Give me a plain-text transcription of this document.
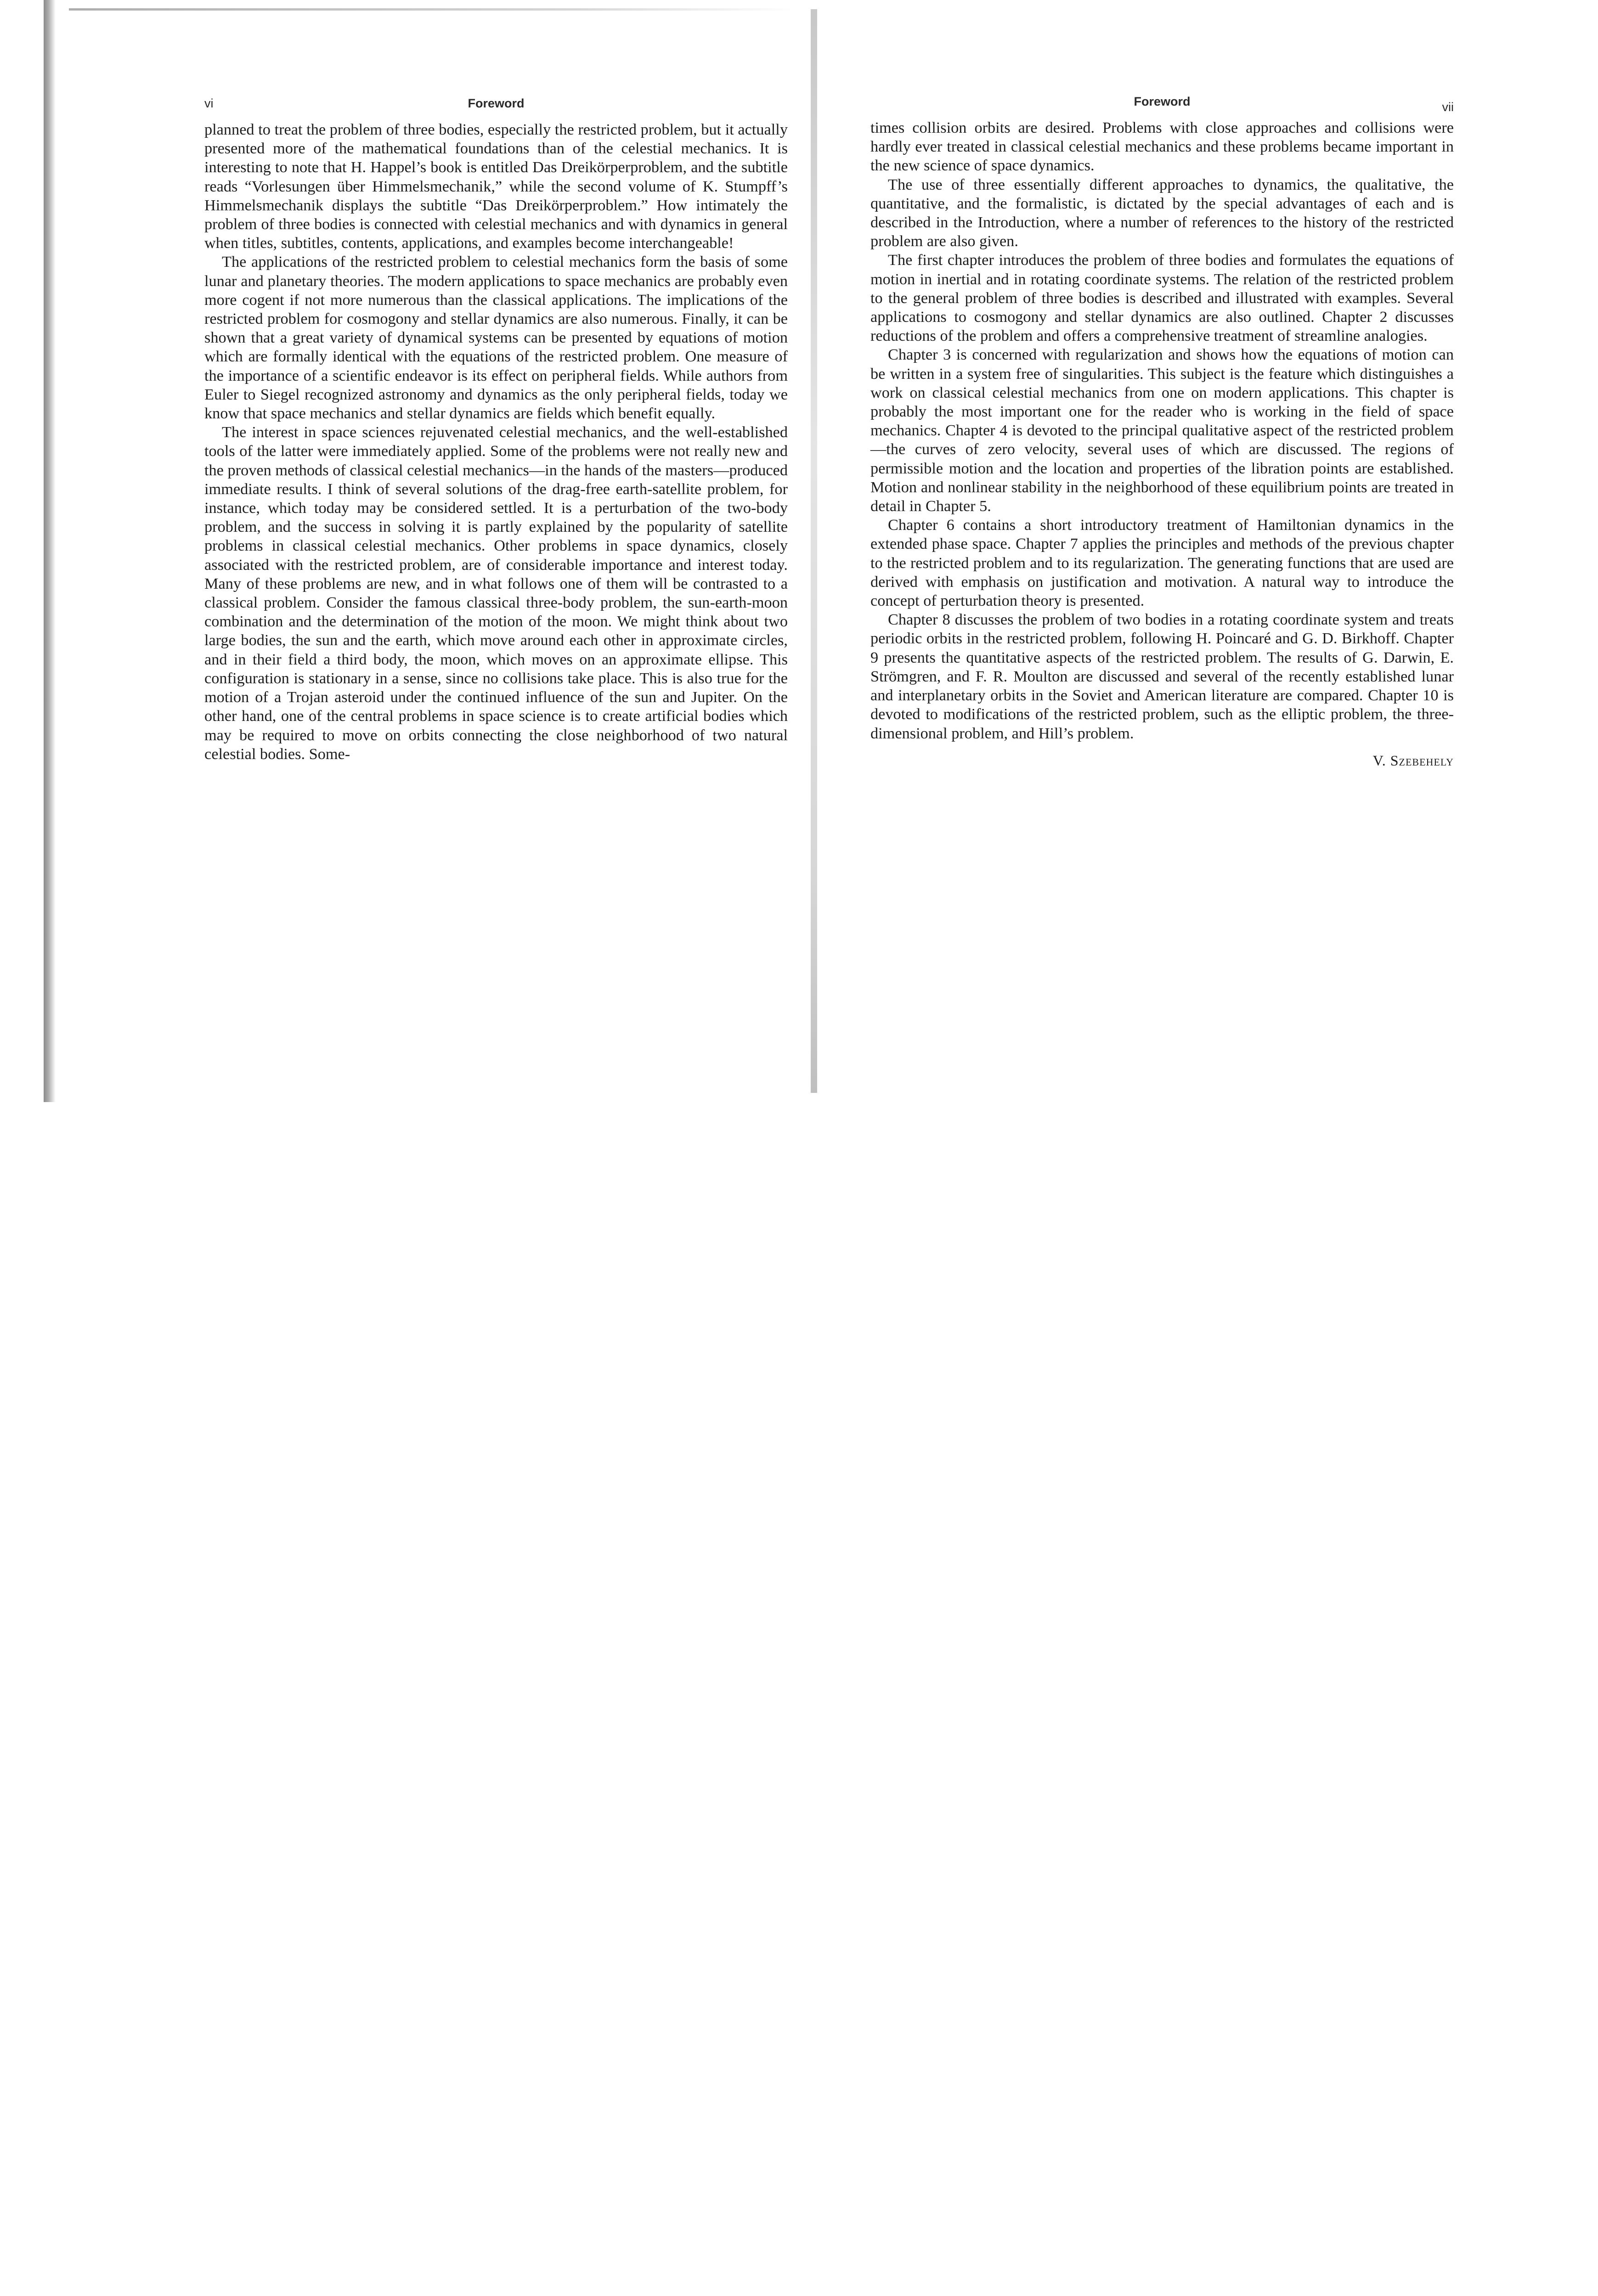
vi	Foreword

planned to treat the problem of three bodies, especially the restricted problem, but it actually presented more of the mathematical foundations than of the celestial mechanics. It is interesting to note that H. Happel’s book is entitled Das Dreikörperproblem, and the subtitle reads “Vorlesungen über Himmelsmechanik,” while the second volume of K. Stumpff’s Himmelsmechanik displays the subtitle “Das Dreikörperproblem.” How intimately the problem of three bodies is connected with celestial mechanics and with dynamics in general when titles, subtitles, contents, applications, and examples become interchangeable!

The applications of the restricted problem to celestial mechanics form the basis of some lunar and planetary theories. The modern applications to space mechanics are probably even more cogent if not more numerous than the classical applications. The implications of the restricted problem for cosmogony and stellar dynamics are also numerous. Finally, it can be shown that a great variety of dynamical systems can be presented by equations of motion which are formally identical with the equations of the restricted problem. One measure of the importance of a scientific endeavor is its effect on peripheral fields. While authors from Euler to Siegel recognized astronomy and dynamics as the only peripheral fields, today we know that space mechanics and stellar dynamics are fields which benefit equally.

The interest in space sciences rejuvenated celestial mechanics, and the well-established tools of the latter were immediately applied. Some of the problems were not really new and the proven methods of classical celestial mechanics—in the hands of the masters—produced immediate results. I think of several solutions of the drag-free earth-satellite problem, for instance, which today may be considered settled. It is a perturbation of the two-body problem, and the success in solving it is partly explained by the popularity of satellite problems in classical celestial mechanics. Other problems in space dynamics, closely associated with the restricted problem, are of considerable importance and interest today. Many of these problems are new, and in what follows one of them will be contrasted to a classical problem. Consider the famous classical three-body problem, the sun-earth-moon combination and the determination of the motion of the moon. We might think about two large bodies, the sun and the earth, which move around each other in approximate circles, and in their field a third body, the moon, which moves on an approximate ellipse. This configuration is stationary in a sense, since no collisions take place. This is also true for the motion of a Trojan asteroid under the continued influence of the sun and Jupiter. On the other hand, one of the central problems in space science is to create artificial bodies which may be required to move on orbits connecting the close neighborhood of two natural celestial bodies. Some-

Foreword	vii

times collision orbits are desired. Problems with close approaches and collisions were hardly ever treated in classical celestial mechanics and these problems became important in the new science of space dynamics.

The use of three essentially different approaches to dynamics, the qualitative, the quantitative, and the formalistic, is dictated by the special advantages of each and is described in the Introduction, where a number of references to the history of the restricted problem are also given.

The first chapter introduces the problem of three bodies and formulates the equations of motion in inertial and in rotating coordinate systems. The relation of the restricted problem to the general problem of three bodies is described and illustrated with examples. Several applications to cosmogony and stellar dynamics are also outlined. Chapter 2 discusses reductions of the problem and offers a comprehensive treatment of streamline analogies.

Chapter 3 is concerned with regularization and shows how the equations of motion can be written in a system free of singularities. This subject is the feature which distinguishes a work on classical celestial mechanics from one on modern applications. This chapter is probably the most important one for the reader who is working in the field of space mechanics. Chapter 4 is devoted to the principal qualitative aspect of the restricted problem—the curves of zero velocity, several uses of which are discussed. The regions of permissible motion and the location and properties of the libration points are established. Motion and nonlinear stability in the neighborhood of these equilibrium points are treated in detail in Chapter 5.

Chapter 6 contains a short introductory treatment of Hamiltonian dynamics in the extended phase space. Chapter 7 applies the principles and methods of the previous chapter to the restricted problem and to its regularization. The generating functions that are used are derived with emphasis on justification and motivation. A natural way to introduce the concept of perturbation theory is presented.

Chapter 8 discusses the problem of two bodies in a rotating coordinate system and treats periodic orbits in the restricted problem, following H. Poincaré and G. D. Birkhoff. Chapter 9 presents the quantitative aspects of the restricted problem. The results of G. Darwin, E. Strömgren, and F. R. Moulton are discussed and several of the recently established lunar and interplanetary orbits in the Soviet and American literature are compared. Chapter 10 is devoted to modifications of the restricted problem, such as the elliptic problem, the three-dimensional problem, and Hill’s problem.

V. Szebehely
